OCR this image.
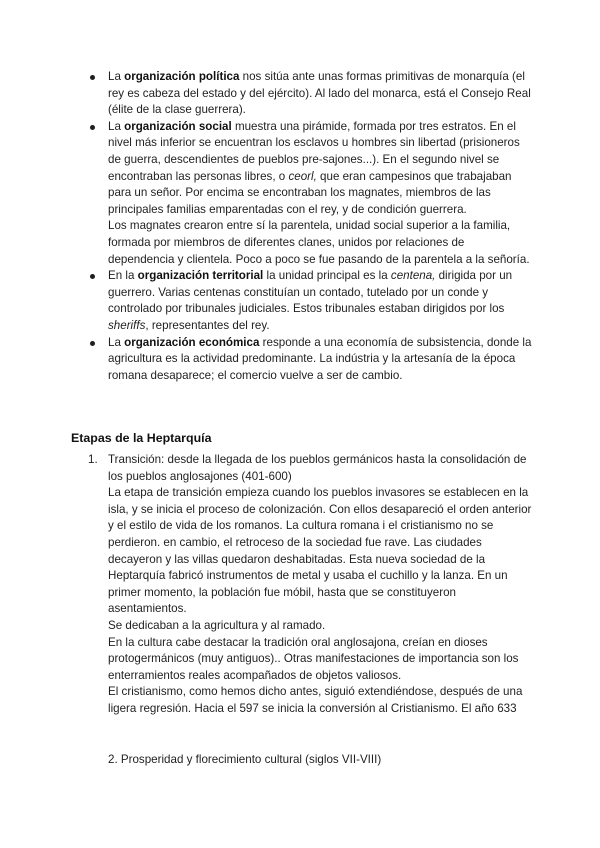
La organización política nos sitúa ante unas formas primitivas de monarquía (el rey es cabeza del estado y del ejército). Al lado del monarca, está el Consejo Real (élite de la clase guerrera).
La organización social muestra una pirámide, formada por tres estratos. En el nivel más inferior se encuentran los esclavos u hombres sin libertad (prisioneros de guerra, descendientes de pueblos pre-sajones...). En el segundo nivel se encontraban las personas libres, o ceorl, que eran campesinos que trabajaban para un señor. Por encima se encontraban los magnates, miembros de las principales familias emparentadas con el rey, y de condición guerrera.
Los magnates crearon entre sí la parentela, unidad social superior a la familia, formada por miembros de diferentes clanes, unidos por relaciones de dependencia y clientela. Poco a poco se fue pasando de la parentela a la señoría.
En la organización territorial la unidad principal es la centena, dirigida por un guerrero. Varias centenas constituían un contado, tutelado por un conde y controlado por tribunales judiciales. Estos tribunales estaban dirigidos por los sheriffs, representantes del rey.
La organización económica responde a una economía de subsistencia, donde la agricultura es la actividad predominante. La indústria y la artesanía de la época romana desaparece; el comercio vuelve a ser de cambio.
Etapas de la Heptarquía
1. Transición: desde la llegada de los pueblos germánicos hasta la consolidación de los pueblos anglosajones (401-600)
La etapa de transición empieza cuando los pueblos invasores se establecen en la isla, y se inicia el proceso de colonización. Con ellos desapareció el orden anterior y el estilo de vida de los romanos. La cultura romana i el cristianismo no se perdieron. en cambio, el retroceso de la sociedad fue rave. Las ciudades decayeron y las villas quedaron deshabitadas. Esta nueva sociedad de la Heptarquía fabricó instrumentos de metal y usaba el cuchillo y la lanza. En un primer momento, la población fue móbil, hasta que se constituyeron asentamientos.
Se dedicaban a la agricultura y al ramado.
En la cultura cabe destacar la tradición oral anglosajona, creían en dioses protogermánicos (muy antiguos).. Otras manifestaciones de importancia son los enterramientos reales acompañados de objetos valiosos.
El cristianismo, como hemos dicho antes, siguió extendiéndose, después de una ligera regresión. Hacia el 597 se inicia la conversión al Cristianismo. El año 633
2. Prosperidad y florecimiento cultural (siglos VII-VIII)
